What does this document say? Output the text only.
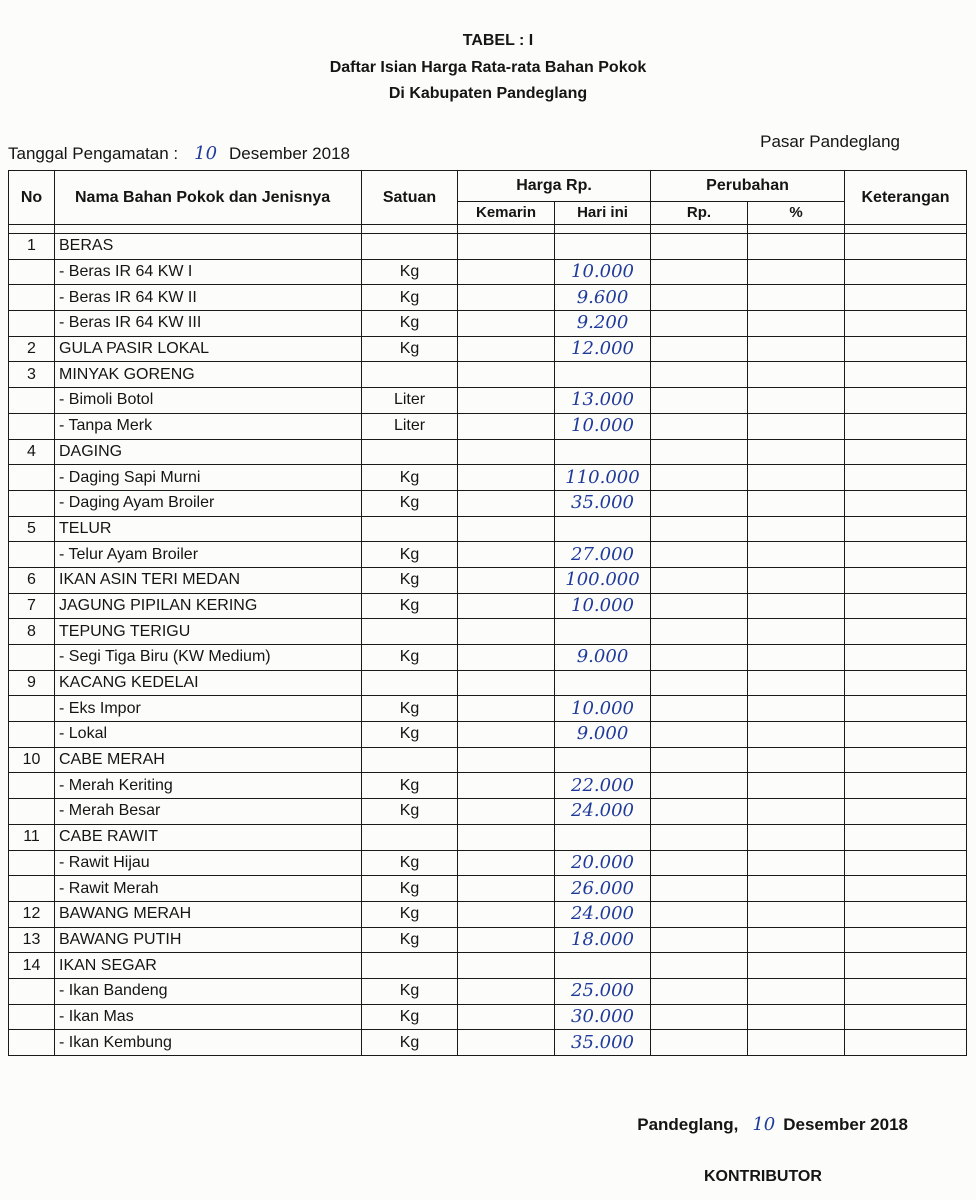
TABEL : I
Daftar Isian Harga Rata-rata Bahan Pokok
Di Kabupaten Pandeglang
Tanggal Pengamatan : 10 Desember 2018
Pasar Pandeglang
No	Nama Bahan Pokok dan Jenisnya	Satuan	Harga Rp.		Perubahan		Keterangan
			Kemarin	Hari ini	Rp.	%	

1	BERAS						
	- Beras IR 64 KW I	Kg		10.000			
	- Beras IR 64 KW II	Kg		9.600			
	- Beras IR 64 KW III	Kg		9.200			
2	GULA PASIR LOKAL	Kg		12.000			
3	MINYAK GORENG						
	- Bimoli Botol	Liter		13.000			
	- Tanpa Merk	Liter		10.000			
4	DAGING						
	- Daging Sapi Murni	Kg		110.000			
	- Daging Ayam Broiler	Kg		35.000			
5	TELUR						
	- Telur Ayam Broiler	Kg		27.000			
6	IKAN ASIN TERI MEDAN	Kg		100.000			
7	JAGUNG PIPILAN KERING	Kg		10.000			
8	TEPUNG TERIGU						
	- Segi Tiga Biru (KW Medium)	Kg		9.000			
9	KACANG KEDELAI						
	- Eks Impor	Kg		10.000			
	- Lokal	Kg		9.000			
10	CABE MERAH						
	- Merah Keriting	Kg		22.000			
	- Merah Besar	Kg		24.000			
11	CABE RAWIT						
	- Rawit Hijau	Kg		20.000			
	- Rawit Merah	Kg		26.000			
12	BAWANG MERAH	Kg		24.000			
13	BAWANG PUTIH	Kg		18.000			
14	IKAN SEGAR						
	- Ikan Bandeng	Kg		25.000			
	- Ikan Mas	Kg		30.000			
	- Ikan Kembung	Kg		35.000			
Pandeglang, 10 Desember 2018
KONTRIBUTOR
